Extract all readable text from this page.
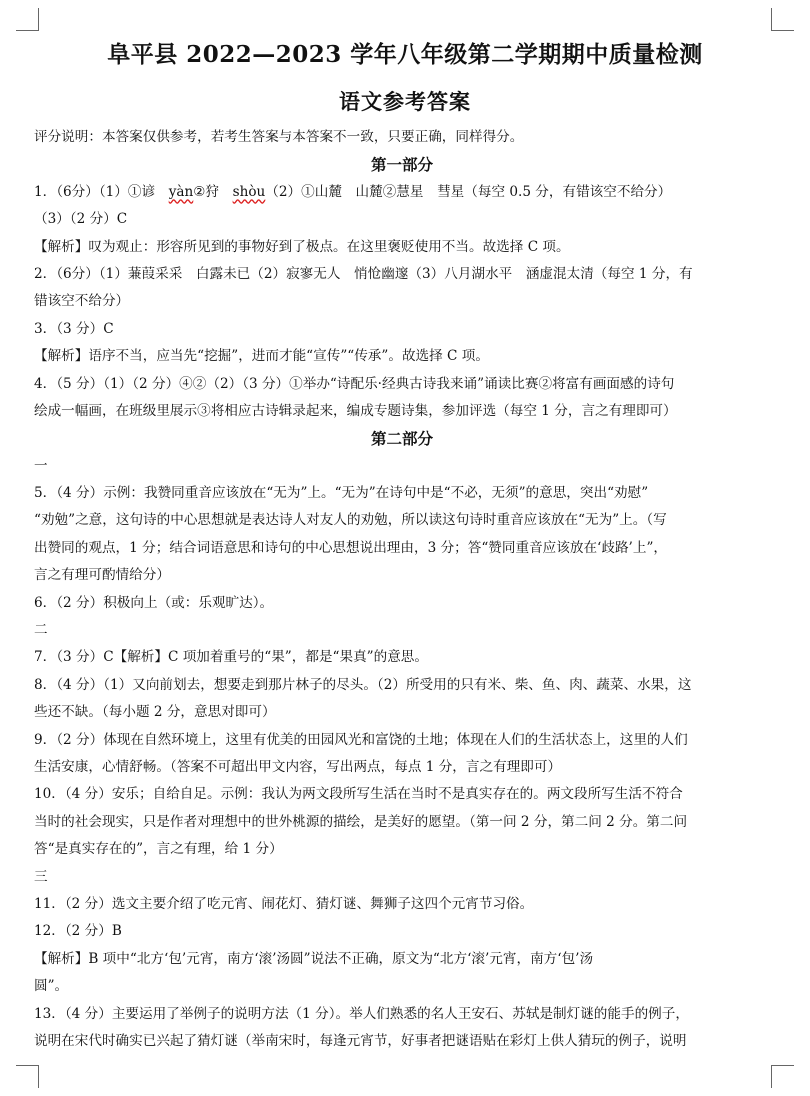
阜平县 2022—2023 学年八年级第二学期期中质量检测
语文参考答案
评分说明：本答案仅供参考，若考生答案与本答案不一致，只要正确，同样得分。
第一部分
1．（6分）（1）①谚　yàn②狩　shòu（2）①山麓　山麓②慧星　彗星（每空 0.5 分，有错该空不给分）
（3）（2 分）C
【解析】叹为观止：形容所见到的事物好到了极点。在这里褒贬使用不当。故选择 C 项。
2．（6分）（1）蒹葭采采　白露未已（2）寂寥无人　悄怆幽邃（3）八月湖水平　涵虚混太清（每空 1 分，有
错该空不给分）
3．（3 分）C
【解析】语序不当，应当先“挖掘”，进而才能“宣传”“传承”。故选择 C 项。
4．（5 分）（1）（2 分）④②（2）（3 分）①举办“诗配乐·经典古诗我来诵”诵读比赛②将富有画面感的诗句
绘成一幅画，在班级里展示③将相应古诗辑录起来，编成专题诗集，参加评选（每空 1 分，言之有理即可）
第二部分
一
5．（4 分）示例：我赞同重音应该放在“无为”上。“无为”在诗句中是“不必，无须”的意思，突出“劝慰”
“劝勉”之意，这句诗的中心思想就是表达诗人对友人的劝勉，所以读这句诗时重音应该放在“无为”上。（写
出赞同的观点，1 分；结合词语意思和诗句的中心思想说出理由，3 分；答“赞同重音应该放在‘歧路’上”，
言之有理可酌情给分）
6．（2 分）积极向上（或：乐观旷达）。
二
7．（3 分）C【解析】C 项加着重号的“果”，都是“果真”的意思。
8．（4 分）（1）又向前划去，想要走到那片林子的尽头。（2）所受用的只有米、柴、鱼、肉、蔬菜、水果，这
些还不缺。（每小题 2 分，意思对即可）
9．（2 分）体现在自然环境上，这里有优美的田园风光和富饶的土地；体现在人们的生活状态上，这里的人们
生活安康，心情舒畅。（答案不可超出甲文内容，写出两点，每点 1 分，言之有理即可）
10．（4 分）安乐；自给自足。示例：我认为两文段所写生活在当时不是真实存在的。两文段所写生活不符合
当时的社会现实，只是作者对理想中的世外桃源的描绘，是美好的愿望。（第一问 2 分，第二问 2 分。第二问
答“是真实存在的”，言之有理，给 1 分）
三
11．（2 分）选文主要介绍了吃元宵、闹花灯、猜灯谜、舞狮子这四个元宵节习俗。
12．（2 分）B
【解析】B 项中“北方‘包’元宵，南方‘滚’汤圆”说法不正确，原文为“北方‘滚’元宵，南方‘包’汤
圆”。
13．（4 分）主要运用了举例子的说明方法（1 分）。举人们熟悉的名人王安石、苏轼是制灯谜的能手的例子，
说明在宋代时确实已兴起了猜灯谜（举南宋时，每逢元宵节，好事者把谜语贴在彩灯上供人猜玩的例子，说明
